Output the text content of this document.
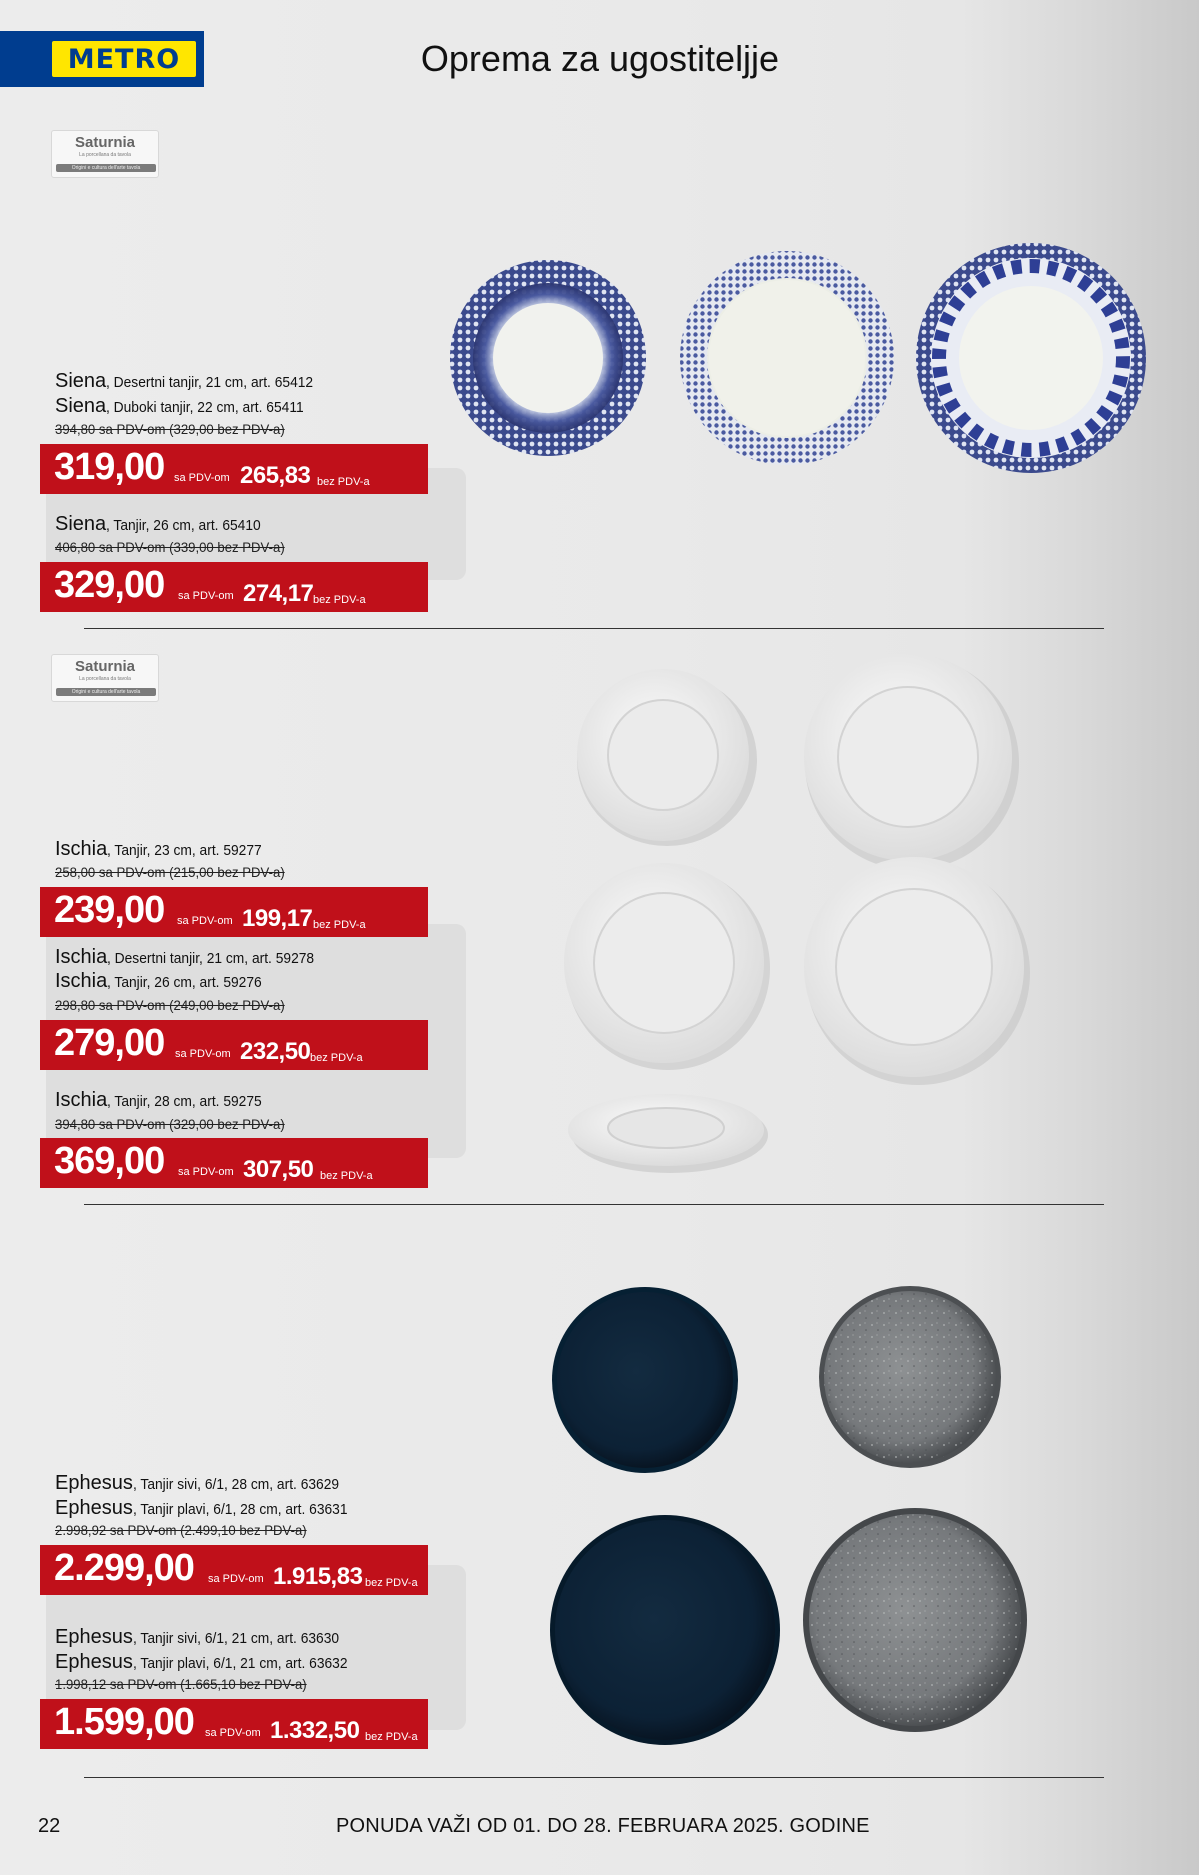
METRO	Oprema za ugostiteljje
Saturnia
La porcellana da tavola
Origini e cultura dell'arte tavola
Siena, Desertni tanjir, 21 cm, art. 65412
Siena, Duboki tanjir, 22 cm, art. 65411
394,80 sa PDV-om (329,00 bez PDV-a)
319,00 sa PDV-om 265,83 bez PDV-a
Siena, Tanjir, 26 cm, art. 65410
406,80 sa PDV-om (339,00 bez PDV-a)
329,00 sa PDV-om 274,17 bez PDV-a
Saturnia
La porcellana da tavola
Origini e cultura dell'arte tavola
Ischia, Tanjir, 23 cm, art. 59277
258,00 sa PDV-om (215,00 bez PDV-a)
239,00 sa PDV-om 199,17 bez PDV-a
Ischia, Desertni tanjir, 21 cm, art. 59278
Ischia, Tanjir, 26 cm, art. 59276
298,80 sa PDV-om (249,00 bez PDV-a)
279,00 sa PDV-om 232,50 bez PDV-a
Ischia, Tanjir, 28 cm, art. 59275
394,80 sa PDV-om (329,00 bez PDV-a)
369,00 sa PDV-om 307,50 bez PDV-a
Ephesus, Tanjir sivi, 6/1, 28 cm, art. 63629
Ephesus, Tanjir plavi, 6/1, 28 cm, art. 63631
2.998,92 sa PDV-om (2.499,10 bez PDV-a)
2.299,00 sa PDV-om 1.915,83 bez PDV-a
Ephesus, Tanjir sivi, 6/1, 21 cm, art. 63630
Ephesus, Tanjir plavi, 6/1, 21 cm, art. 63632
1.998,12 sa PDV-om (1.665,10 bez PDV-a)
1.599,00 sa PDV-om 1.332,50 bez PDV-a
22	PONUDA VAŽI OD 01. DO 28. FEBRUARA 2025. GODINE
